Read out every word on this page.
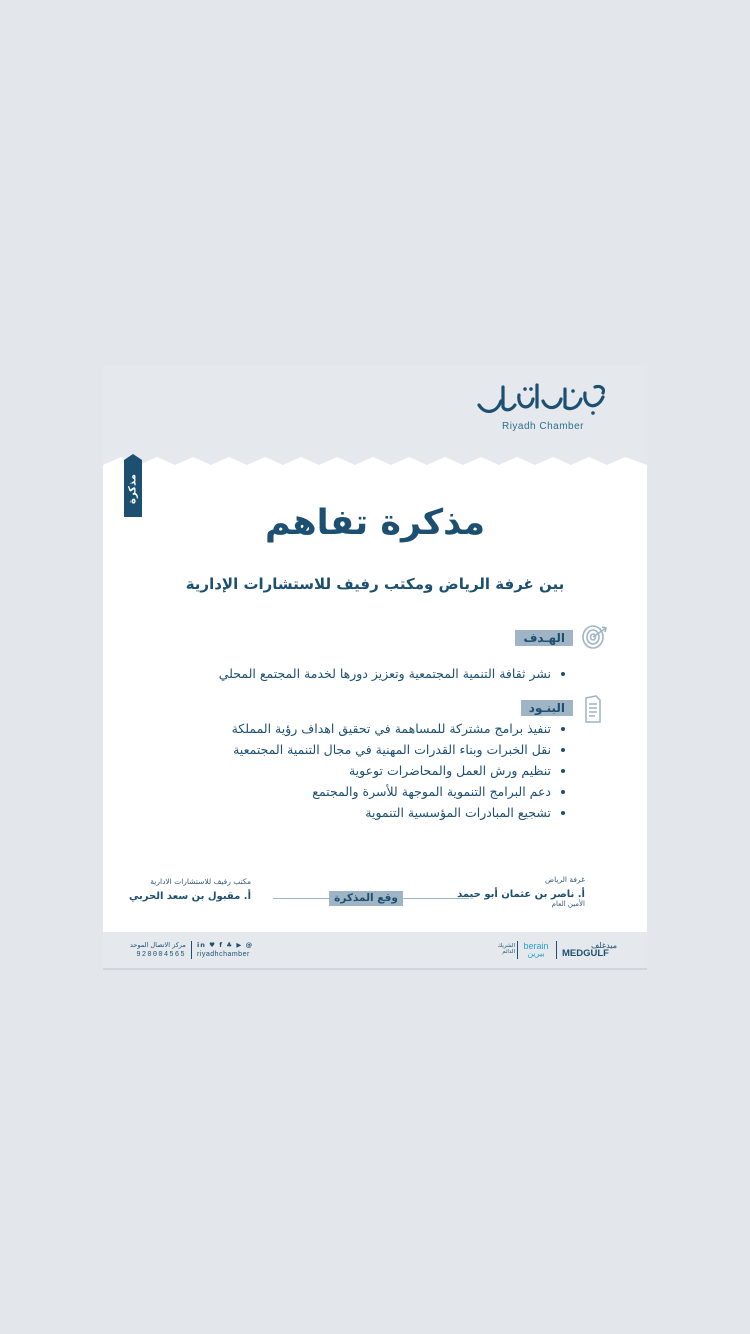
Riyadh Chamber
مذكرة
مذكرة تفاهم
بين غرفة الرياض ومكتب رفيف للاستشارات الإدارية
الهـدف
نشر ثقافة التنمية المجتمعية وتعزيز دورها لخدمة المجتمع المحلي
البنـود
تنفيذ برامج مشتركة للمساهمة في تحقيق اهداف رؤية المملكة
نقل الخبرات وبناء القدرات المهنية في مجال التنمية المجتمعية
تنظيم ورش العمل والمحاضرات توعوية
دعم البرامج التنموية الموجهة للأسرة والمجتمع
تشجيع المبادرات المؤسسية التنموية
وقع المذكرة
غرفة الرياض
أ. ناصر بن عثمان أبو حيمد
الأمين العام
مكتب رفيف للاستشارات الادارية
أ. مقبول بن سعد الحربي
مركز الاتصال الموحد
920004565
in ♥ f ♣ ▶ @
riyadhchamber
ميدغلف
MEDGULF
berain
بيرين
الشريك الدائم
